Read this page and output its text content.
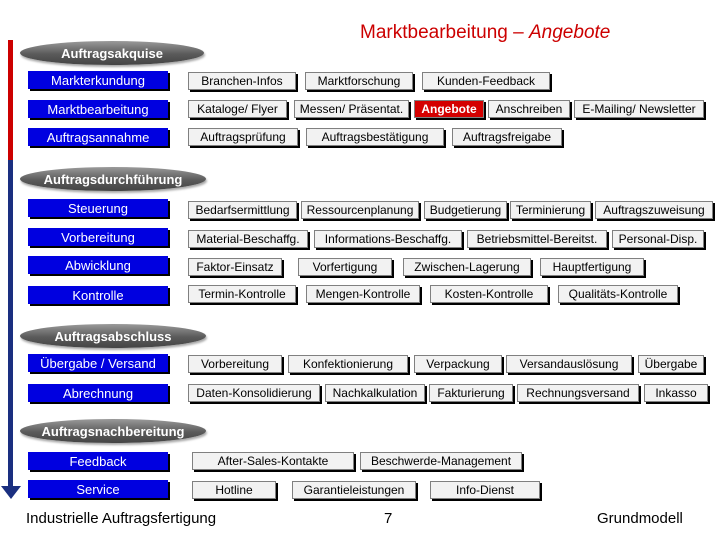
Marktbearbeitung – Angebote
Auftragsakquise
Auftragsdurchführung
Auftragsabschluss
Auftragsnachbereitung
Markterkundung	Branchen-Infos	Marktforschung	Kunden-Feedback
Marktbearbeitung	Kataloge/ Flyer	Messen/ Präsentat.	Angebote	Anschreiben	E-Mailing/ Newsletter
Auftragsannahme	Auftragsprüfung	Auftragsbestätigung	Auftragsfreigabe
Steuerung	Bedarfsermittlung	Ressourcenplanung	Budgetierung	Terminierung	Auftragszuweisung
Vorbereitung	Material-Beschaffg.	Informations-Beschaffg.	Betriebsmittel-Bereitst.	Personal-Disp.
Abwicklung	Faktor-Einsatz	Vorfertigung	Zwischen-Lagerung	Hauptfertigung
Kontrolle	Termin-Kontrolle	Mengen-Kontrolle	Kosten-Kontrolle	Qualitäts-Kontrolle
Übergabe / Versand	Vorbereitung	Konfektionierung	Verpackung	Versandauslösung	Übergabe
Abrechnung	Daten-Konsolidierung	Nachkalkulation	Fakturierung	Rechnungsversand	Inkasso
Feedback	After-Sales-Kontakte	Beschwerde-Management
Service	Hotline	Garantieleistungen	Info-Dienst
Industrielle Auftragsfertigung	7	Grundmodell
